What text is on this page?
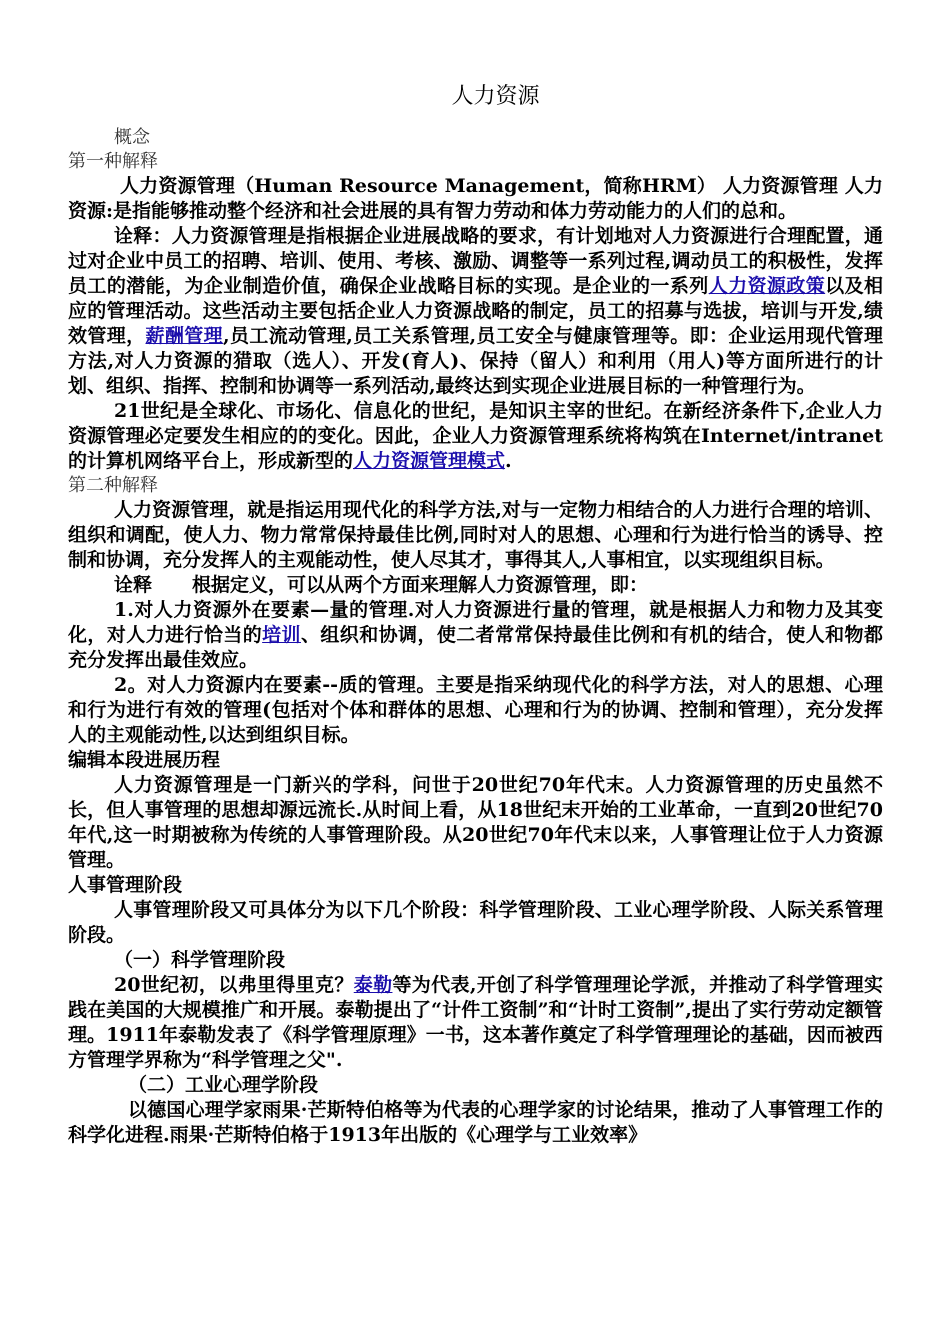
人力资源

概念

第一种解释

人力资源管理（Human Resource Management，简称HRM） 人力资源管理 人力资源:是指能够推动整个经济和社会进展的具有智力劳动和体力劳动能力的人们的总和。

诠释：人力资源管理是指根据企业进展战略的要求，有计划地对人力资源进行合理配置，通过对企业中员工的招聘、培训、使用、考核、激励、调整等一系列过程,调动员工的积极性，发挥员工的潜能，为企业制造价值，确保企业战略目标的实现。是企业的一系列人力资源政策以及相应的管理活动。这些活动主要包括企业人力资源战略的制定，员工的招募与选拔，培训与开发,绩效管理，薪酬管理,员工流动管理,员工关系管理,员工安全与健康管理等。即：企业运用现代管理方法,对人力资源的猎取（选人）、开发(育人)、保持（留人）和利用（用人)等方面所进行的计划、组织、指挥、控制和协调等一系列活动,最终达到实现企业进展目标的一种管理行为。

21世纪是全球化、市场化、信息化的世纪，是知识主宰的世纪。在新经济条件下,企业人力资源管理必定要发生相应的的变化。因此，企业人力资源管理系统将构筑在Internet/intranet的计算机网络平台上，形成新型的人力资源管理模式.

第二种解释

人力资源管理，就是指运用现代化的科学方法,对与一定物力相结合的人力进行合理的培训、组织和调配，使人力、物力常常保持最佳比例,同时对人的思想、心理和行为进行恰当的诱导、控制和协调，充分发挥人的主观能动性，使人尽其才，事得其人,人事相宜，以实现组织目标。

诠释 根据定义，可以从两个方面来理解人力资源管理，即：

1.对人力资源外在要素—量的管理.对人力资源进行量的管理，就是根据人力和物力及其变化，对人力进行恰当的培训、组织和协调，使二者常常保持最佳比例和有机的结合，使人和物都充分发挥出最佳效应。

2。对人力资源内在要素--质的管理。主要是指采纳现代化的科学方法，对人的思想、心理和行为进行有效的管理(包括对个体和群体的思想、心理和行为的协调、控制和管理），充分发挥人的主观能动性,以达到组织目标。

编辑本段进展历程

人力资源管理是一门新兴的学科，问世于20世纪70年代末。人力资源管理的历史虽然不长，但人事管理的思想却源远流长.从时间上看，从18世纪末开始的工业革命，一直到20世纪70年代,这一时期被称为传统的人事管理阶段。从20世纪70年代末以来，人事管理让位于人力资源管理。

人事管理阶段

人事管理阶段又可具体分为以下几个阶段：科学管理阶段、工业心理学阶段、人际关系管理阶段。

（一）科学管理阶段

20世纪初，以弗里得里克？泰勒等为代表,开创了科学管理理论学派，并推动了科学管理实践在美国的大规模推广和开展。泰勒提出了“计件工资制”和“计时工资制”,提出了实行劳动定额管理。1911年泰勒发表了《科学管理原理》一书，这本著作奠定了科学管理理论的基础，因而被西方管理学界称为“科学管理之父".

（二）工业心理学阶段

以德国心理学家雨果·芒斯特伯格等为代表的心理学家的讨论结果，推动了人事管理工作的科学化进程.雨果·芒斯特伯格于1913年出版的《心理学与工业效率》
